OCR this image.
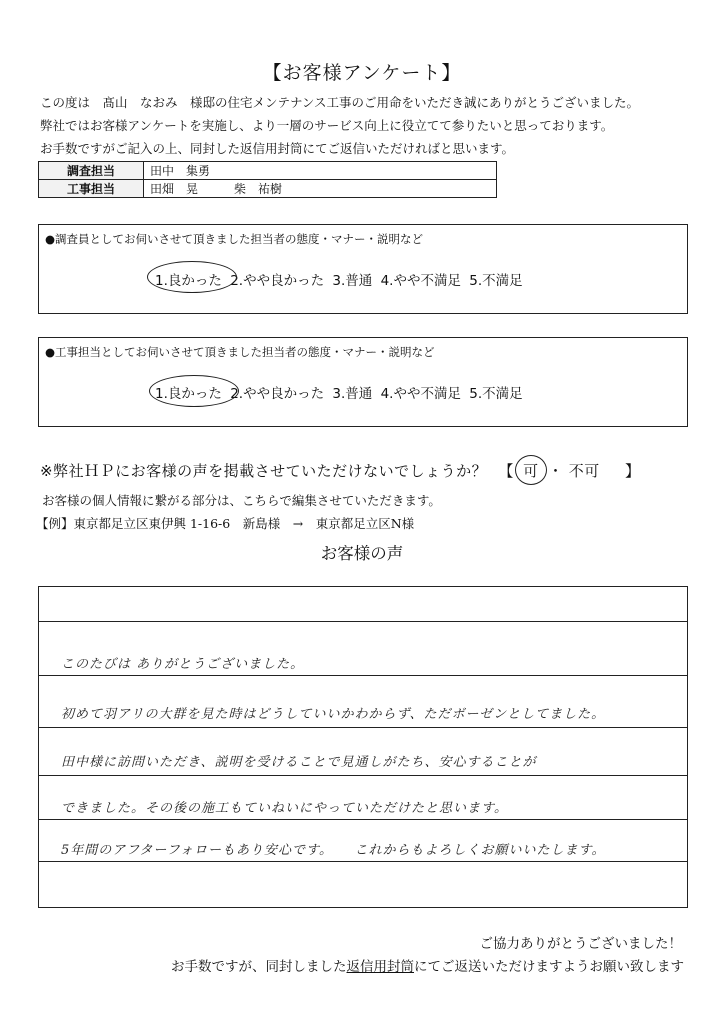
【お客様アンケート】
この度は　髙山　なおみ　様邸の住宅メンテナンス工事のご用命をいただき誠にありがとうございました。
弊社ではお客様アンケートを実施し、より一層のサービス向上に役立てて参りたいと思っております。
お手数ですがご記入の上、同封した返信用封筒にてご返信いただければと思います。
調査担当	田中　集勇
工事担当	田畑　晃　　　柴　祐樹
●調査員としてお伺いさせて頂きました担当者の態度・マナー・説明など
1.良かった 2.やや良かった 3.普通 4.やや不満足 5.不満足
●工事担当としてお伺いさせて頂きました担当者の態度・マナー・説明など
1.良かった 2.やや良かった 3.普通 4.やや不満足 5.不満足
※弊社ＨＰにお客様の声を掲載させていただけないでしょうか？ 【 可 ・ 不可 】
お客様の個人情報に繋がる部分は、こちらで編集させていただきます。
【例】東京都足立区東伊興 1-16-6　新島様　→　東京都足立区N様
お客様の声
このたびは ありがとうございました。
初めて羽アリの大群を見た時はどうしていいかわからず、ただボーゼンとしてました。
田中様に訪問いただき、説明を受けることで見通しがたち、安心することが
できました。その後の施工もていねいにやっていただけたと思います。
5年間のアフターフォローもあり安心です。　　これからもよろしくお願いいたします。
ご協力ありがとうございました！
お手数ですが、同封しました返信用封筒にてご返送いただけますようお願い致します
